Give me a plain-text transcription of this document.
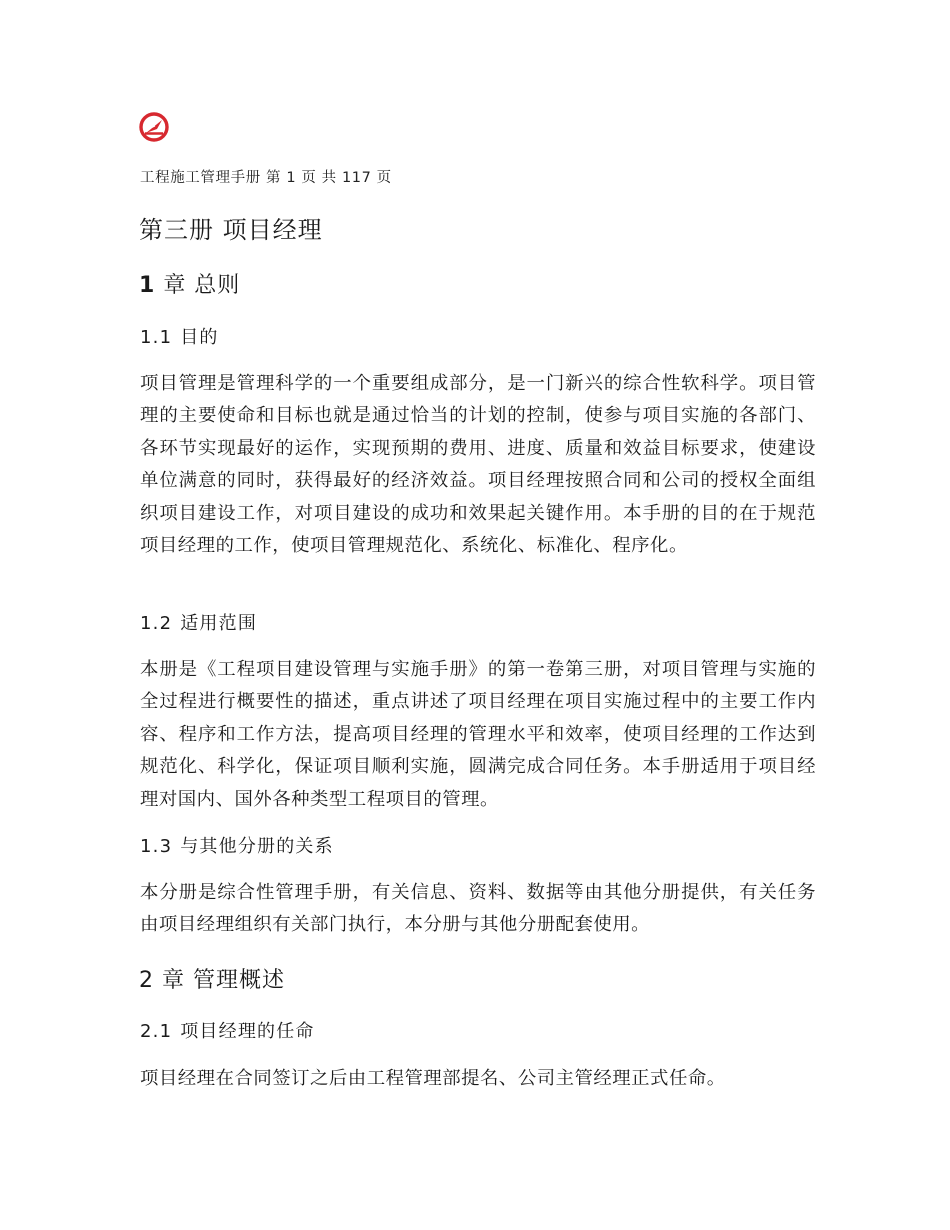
工程施工管理手册 第 1 页 共 117 页
第三册 项目经理
1 章 总则
1.1 目的

项目管理是管理科学的一个重要组成部分，是一门新兴的综合性软科学。项目管理的主要使命和目标也就是通过恰当的计划的控制，使参与项目实施的各部门、各环节实现最好的运作，实现预期的费用、进度、质量和效益目标要求，使建设单位满意的同时，获得最好的经济效益。项目经理按照合同和公司的授权全面组织项目建设工作，对项目建设的成功和效果起关键作用。本手册的目的在于规范项目经理的工作，使项目管理规范化、系统化、标准化、程序化。

1.2 适用范围

本册是《工程项目建设管理与实施手册》的第一卷第三册，对项目管理与实施的全过程进行概要性的描述，重点讲述了项目经理在项目实施过程中的主要工作内容、程序和工作方法，提高项目经理的管理水平和效率，使项目经理的工作达到规范化、科学化，保证项目顺利实施，圆满完成合同任务。本手册适用于项目经理对国内、国外各种类型工程项目的管理。

1.3 与其他分册的关系

本分册是综合性管理手册，有关信息、资料、数据等由其他分册提供，有关任务由项目经理组织有关部门执行，本分册与其他分册配套使用。

2 章 管理概述
2.1 项目经理的任命

项目经理在合同签订之后由工程管理部提名、公司主管经理正式任命。
